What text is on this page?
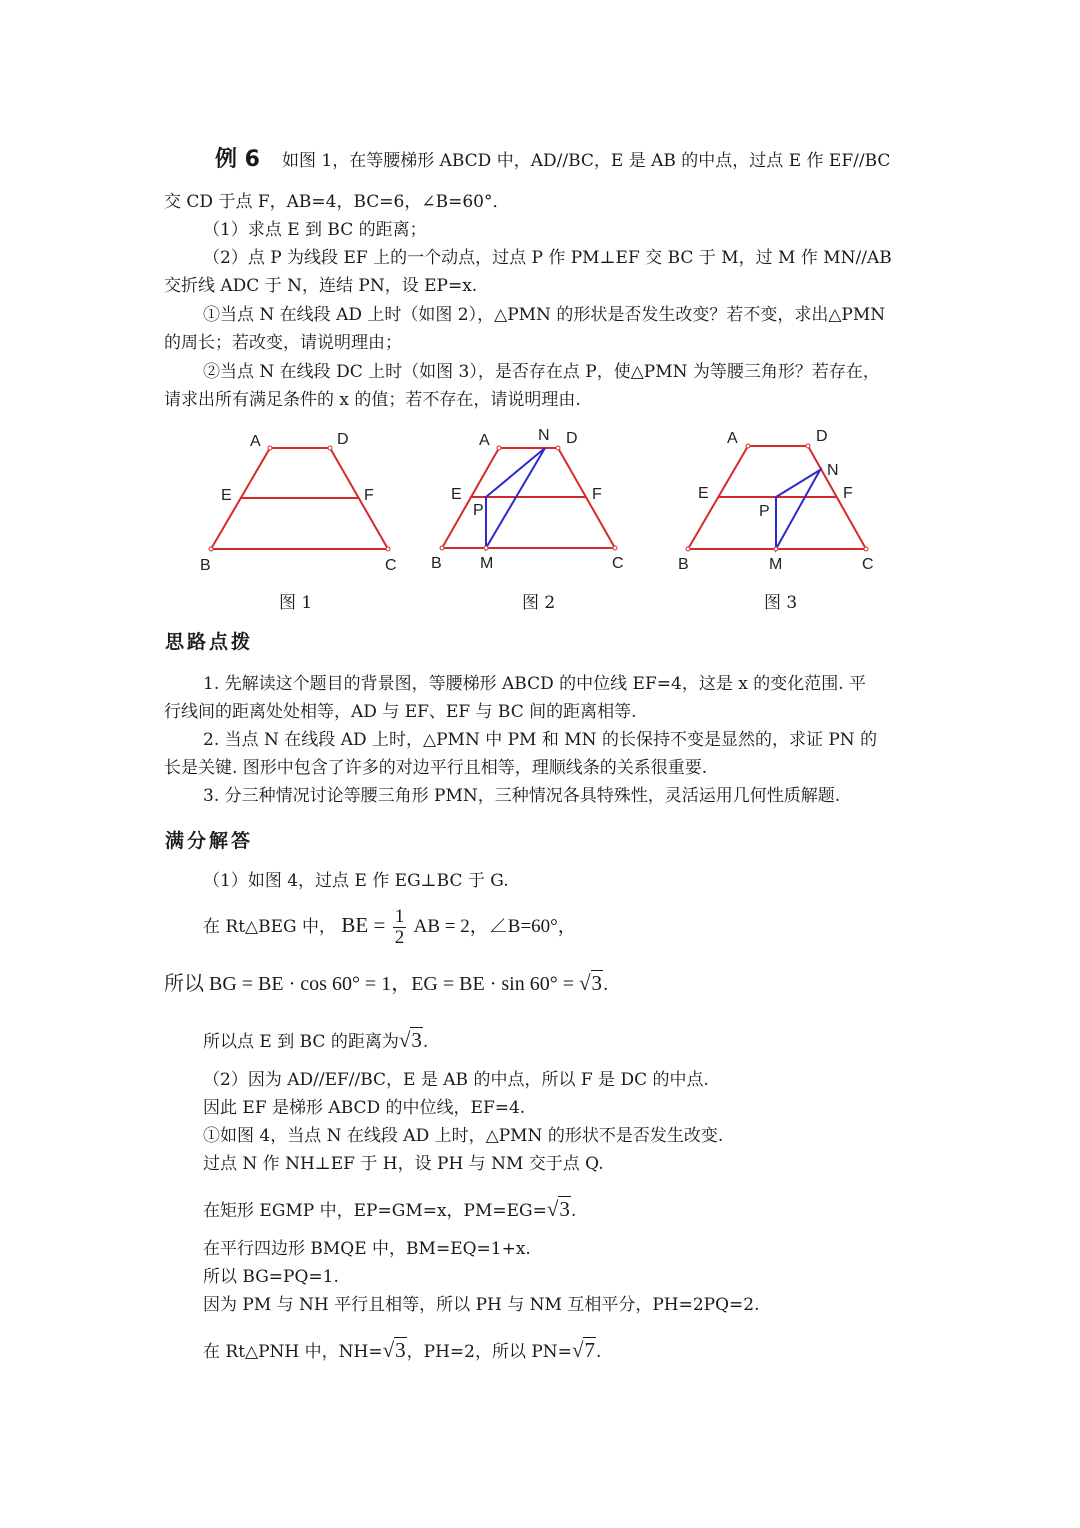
例 6 如图 1，在等腰梯形 ABCD 中，AD//BC，E 是 AB 的中点，过点 E 作 EF//BC
交 CD 于点 F，AB=4，BC=6，∠B=60°．
（1）求点 E 到 BC 的距离；
（2）点 P 为线段 EF 上的一个动点，过点 P 作 PM⊥EF 交 BC 于 M，过 M 作 MN//AB
交折线 ADC 于 N，连结 PN，设 EP=x.
①当点 N 在线段 AD 上时（如图 2），△PMN 的形状是否发生改变？若不变，求出△PMN
的周长；若改变，请说明理由；
②当点 N 在线段 DC 上时（如图 3），是否存在点 P，使△PMN 为等腰三角形？若存在，
请求出所有满足条件的 x 的值；若不存在，请说明理由.
A	D
E	F
B	C
A	N D
E	F
P
B M	C
A	D
N
E	F
P
B	M	C
图 1	图 2	图 3
思路点拨
1. 先解读这个题目的背景图，等腰梯形 ABCD 的中位线 EF=4，这是 x 的变化范围. 平
行线间的距离处处相等，AD 与 EF、EF 与 BC 间的距离相等.
2. 当点 N 在线段 AD 上时，△PMN 中 PM 和 MN 的长保持不变是显然的，求证 PN 的
长是关键. 图形中包含了许多的对边平行且相等，理顺线条的关系很重要.
3. 分三种情况讨论等腰三角形 PMN，三种情况各具特殊性，灵活运用几何性质解题.
满分解答
（1）如图 4，过点 E 作 EG⊥BC 于 G.
在 Rt△BEG 中， BE = $\frac{1}{2}$ AB = 2，∠B=60°，
所以 BG = BE · cos 60° = 1，EG = BE · sin 60° = √3.
所以点 E 到 BC 的距离为√3.
（2）因为 AD//EF//BC，E 是 AB 的中点，所以 F 是 DC 的中点.
因此 EF 是梯形 ABCD 的中位线，EF=4.
①如图 4，当点 N 在线段 AD 上时，△PMN 的形状不是否发生改变.
过点 N 作 NH⊥EF 于 H，设 PH 与 NM 交于点 Q.
在矩形 EGMP 中，EP=GM=x，PM=EG=√3.
在平行四边形 BMQE 中，BM=EQ=1+x.
所以 BG=PQ=1.
因为 PM 与 NH 平行且相等，所以 PH 与 NM 互相平分，PH=2PQ=2.
在 Rt△PNH 中，NH=√3，PH=2，所以 PN=√7.
